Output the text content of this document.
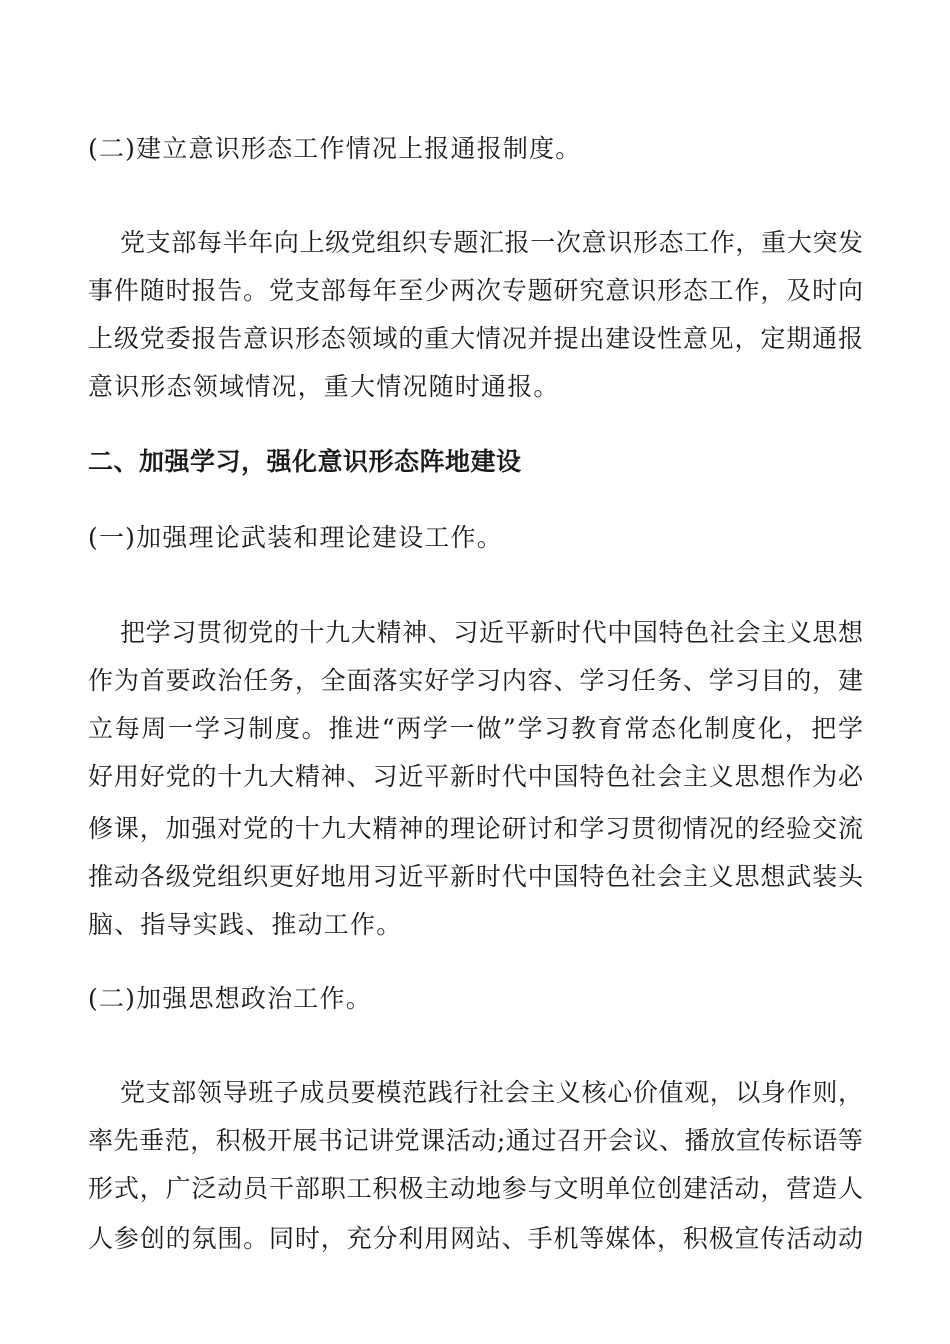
(二)建立意识形态工作情况上报通报制度。
党支部每半年向上级党组织专题汇报一次意识形态工作，重大突发
事件随时报告。党支部每年至少两次专题研究意识形态工作，及时向
上级党委报告意识形态领域的重大情况并提出建设性意见，定期通报
意识形态领域情况，重大情况随时通报。
二、加强学习，强化意识形态阵地建设
(一)加强理论武装和理论建设工作。
把学习贯彻党的十九大精神、习近平新时代中国特色社会主义思想
作为首要政治任务，全面落实好学习内容、学习任务、学习目的，建
立每周一学习制度。推进“两学一做”学习教育常态化制度化，把学
好用好党的十九大精神、习近平新时代中国特色社会主义思想作为必
修课，加强对党的十九大精神的理论研讨和学习贯彻情况的经验交流
推动各级党组织更好地用习近平新时代中国特色社会主义思想武装头
脑、指导实践、推动工作。
(二)加强思想政治工作。
党支部领导班子成员要模范践行社会主义核心价值观，以身作则，
率先垂范，积极开展书记讲党课活动;通过召开会议、播放宣传标语等
形式，广泛动员干部职工积极主动地参与文明单位创建活动，营造人
人参创的氛围。同时，充分利用网站、手机等媒体，积极宣传活动动
